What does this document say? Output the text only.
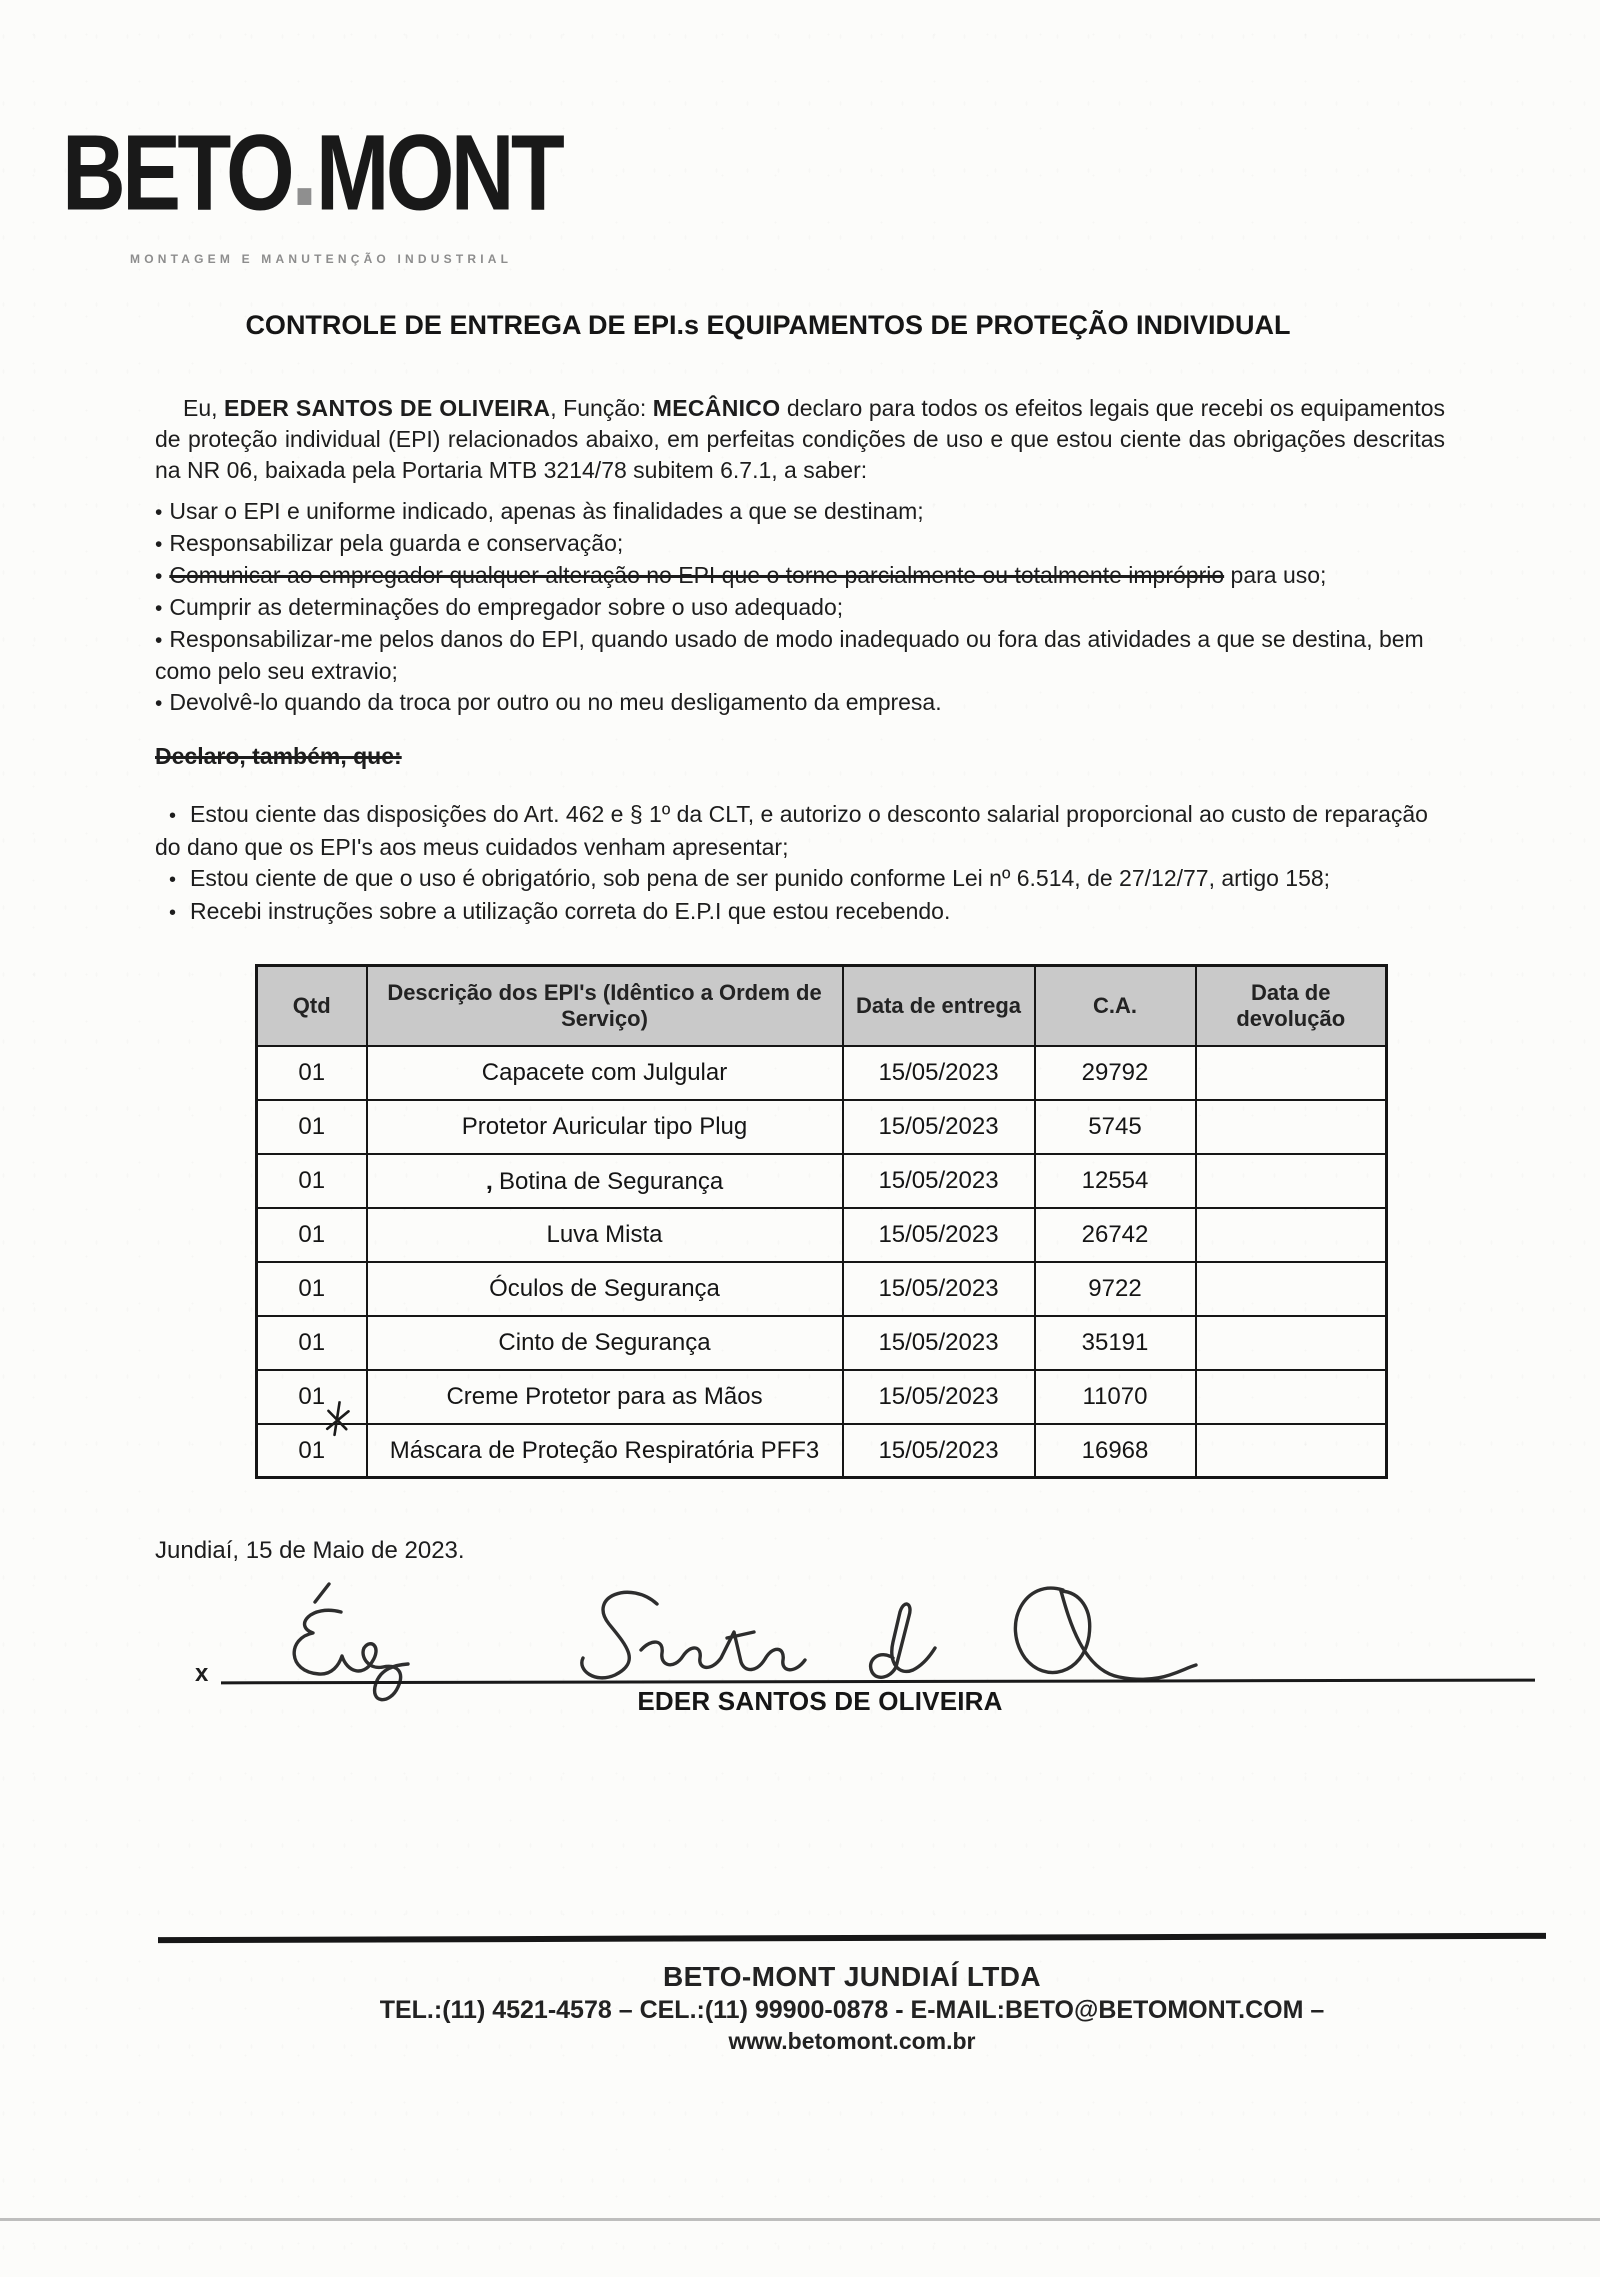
BETO MONT
MONTAGEM E MANUTENÇÃO INDUSTRIAL
CONTROLE DE ENTREGA DE EPI.s EQUIPAMENTOS DE PROTEÇÃO INDIVIDUAL

Eu, EDER SANTOS DE OLIVEIRA, Função: MECÂNICO declaro para todos os efeitos legais que recebi os equipamentos de proteção individual (EPI) relacionados abaixo, em perfeitas condições de uso e que estou ciente das obrigações descritas na NR 06, baixada pela Portaria MTB 3214/78 subitem 6.7.1, a saber:

• Usar o EPI e uniforme indicado, apenas às finalidades a que se destinam;
• Responsabilizar pela guarda e conservação;
• Comunicar ao empregador qualquer alteração no EPI que o torne parcialmente ou totalmente impróprio para uso;
• Cumprir as determinações do empregador sobre o uso adequado;
• Responsabilizar-me pelos danos do EPI, quando usado de modo inadequado ou fora das atividades a que se destina, bem como pelo seu extravio;
• Devolvê-lo quando da troca por outro ou no meu desligamento da empresa.

Declaro, também, que:

• Estou ciente das disposições do Art. 462 e § 1º da CLT, e autorizo o desconto salarial proporcional ao custo de reparação do dano que os EPI's aos meus cuidados venham apresentar;
• Estou ciente de que o uso é obrigatório, sob pena de ser punido conforme Lei nº 6.514, de 27/12/77, artigo 158;
• Recebi instruções sobre a utilização correta do E.P.I que estou recebendo.
Qtd	Descrição dos EPI's (Idêntico a Ordem de Serviço)	Data de entrega	C.A.	Data de devolução
01	Capacete com Julgular	15/05/2023	29792	
01	Protetor Auricular tipo Plug	15/05/2023	5745	
01	‚ Botina de Segurança	15/05/2023	12554	
01	Luva Mista	15/05/2023	26742	
01	Óculos de Segurança	15/05/2023	9722	
01	Cinto de Segurança	15/05/2023	35191	
01	Creme Protetor para as Mãos	15/05/2023	11070	
01	Máscara de Proteção Respiratória PFF3	15/05/2023	16968	

Jundiaí, 15 de Maio de 2023.

x
EDER SANTOS DE OLIVEIRA
BETO-MONT JUNDIAÍ LTDA
TEL.:(11) 4521-4578 – CEL.:(11) 99900-0878 - E-MAIL:BETO@BETOMONT.COM –
www.betomont.com.br
